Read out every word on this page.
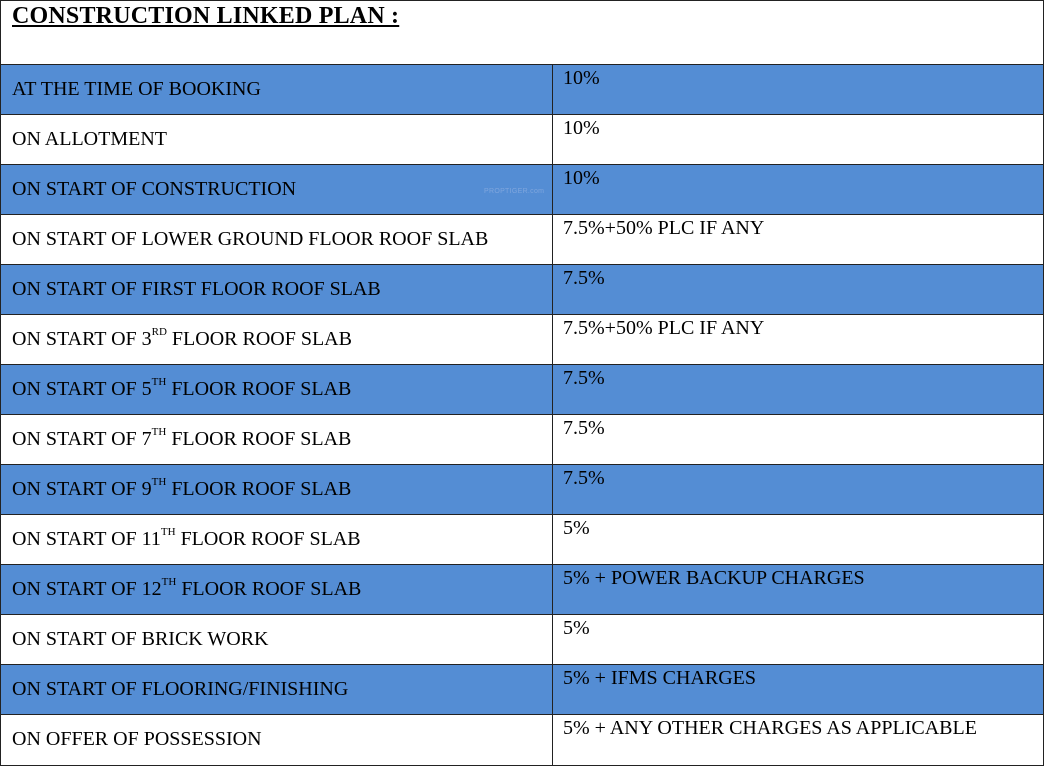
CONSTRUCTION LINKED PLAN :
AT THE TIME OF BOOKING	10%
ON ALLOTMENT	10%
ON START OF CONSTRUCTION	10%
ON START OF LOWER GROUND FLOOR ROOF SLAB	7.5%+50% PLC IF ANY
ON START OF FIRST FLOOR ROOF SLAB	7.5%
ON START OF 3RD FLOOR ROOF SLAB	7.5%+50% PLC IF ANY
ON START OF 5TH FLOOR ROOF SLAB	7.5%
ON START OF 7TH FLOOR ROOF SLAB	7.5%
ON START OF 9TH FLOOR ROOF SLAB	7.5%
ON START OF 11TH FLOOR ROOF SLAB	5%
ON START OF 12TH FLOOR ROOF SLAB	5% + POWER BACKUP CHARGES
ON START OF BRICK WORK	5%
ON START OF FLOORING/FINISHING	5% + IFMS CHARGES
ON OFFER OF POSSESSION	5% + ANY OTHER CHARGES AS APPLICABLE
PROPTIGER.com
